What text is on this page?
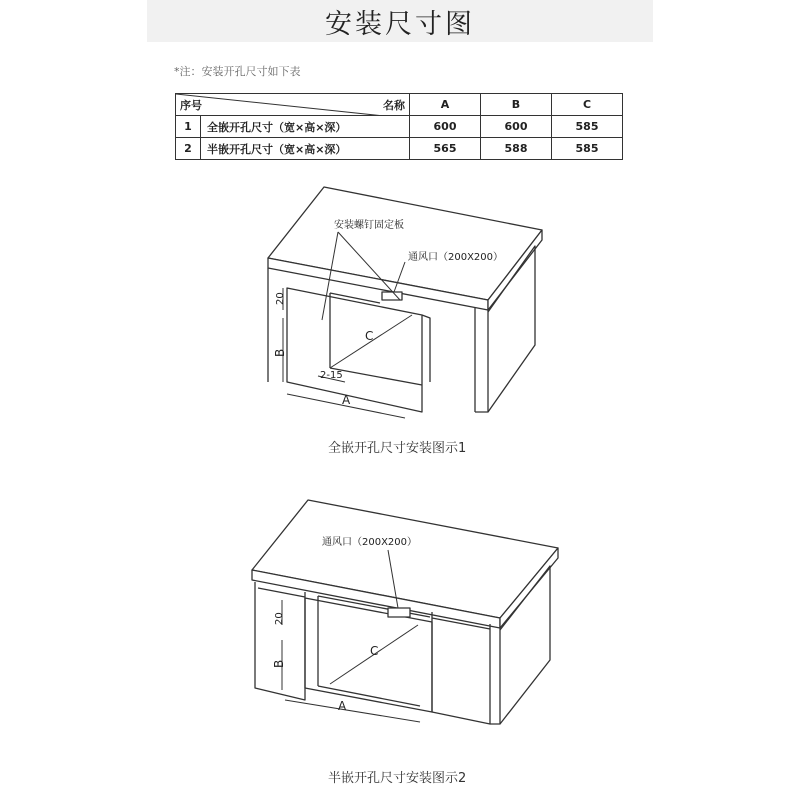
安装尺寸图
*注：安装开孔尺寸如下表
序号 名称		A	B	C
1	全嵌开孔尺寸（宽×高×深）	600	600	585
2	半嵌开孔尺寸（宽×高×深）	565	588	585
安装螺钉固定板
通风口（200X200）
20
B
C
A
2-15
全嵌开孔尺寸安装图示1
通风口（200X200）
20
B
C
A
半嵌开孔尺寸安装图示2
